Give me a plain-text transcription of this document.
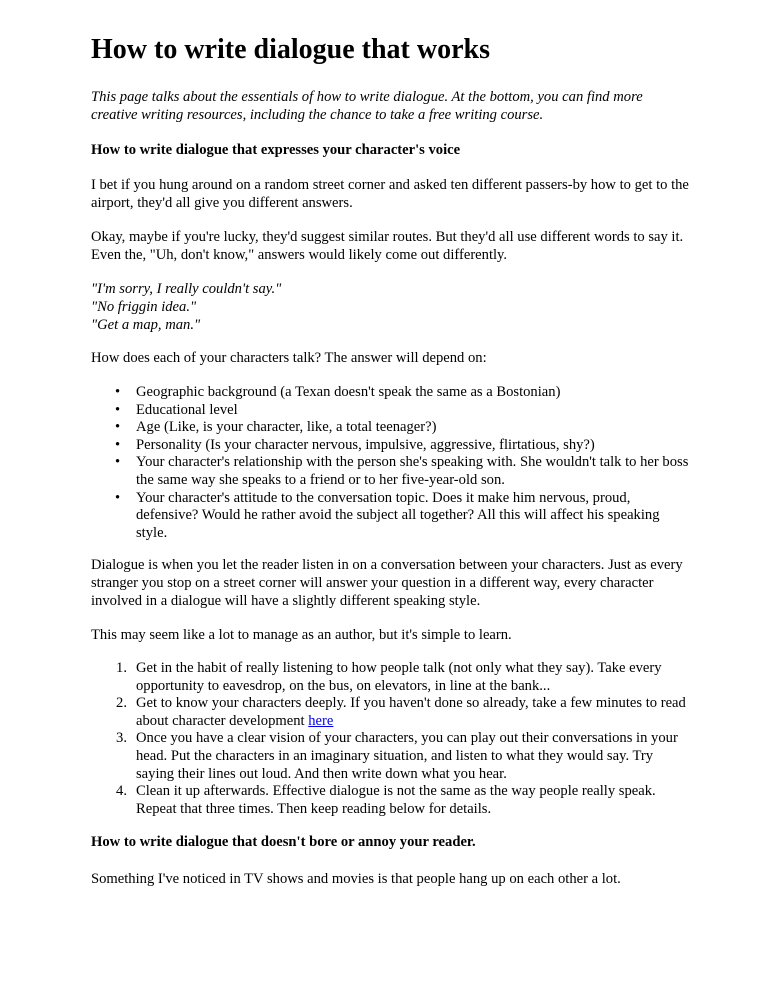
How to write dialogue that works

This page talks about the essentials of how to write dialogue. At the bottom, you can find more creative writing resources, including the chance to take a free writing course.

How to write dialogue that expresses your character's voice

I bet if you hung around on a random street corner and asked ten different passers-by how to get to the airport, they'd all give you different answers.

Okay, maybe if you're lucky, they'd suggest similar routes. But they'd all use different words to say it. Even the, "Uh, don't know," answers would likely come out differently.

"I'm sorry, I really couldn't say."
"No friggin idea."
"Get a map, man."

How does each of your characters talk? The answer will depend on:

•	Geographic background (a Texan doesn't speak the same as a Bostonian)
•	Educational level
•	Age (Like, is your character, like, a total teenager?)
•	Personality (Is your character nervous, impulsive, aggressive, flirtatious, shy?)
•	Your character's relationship with the person she's speaking with. She wouldn't talk to her boss the same way she speaks to a friend or to her five-year-old son.
•	Your character's attitude to the conversation topic. Does it make him nervous, proud, defensive? Would he rather avoid the subject all together? All this will affect his speaking style.

Dialogue is when you let the reader listen in on a conversation between your characters. Just as every stranger you stop on a street corner will answer your question in a different way, every character involved in a dialogue will have a slightly different speaking style.

This may seem like a lot to manage as an author, but it's simple to learn.

1. Get in the habit of really listening to how people talk (not only what they say). Take every opportunity to eavesdrop, on the bus, on elevators, in line at the bank...
2. Get to know your characters deeply. If you haven't done so already, take a few minutes to read about character development here
3. Once you have a clear vision of your characters, you can play out their conversations in your head. Put the characters in an imaginary situation, and listen to what they would say. Try saying their lines out loud. And then write down what you hear.
4. Clean it up afterwards. Effective dialogue is not the same as the way people really speak. Repeat that three times. Then keep reading below for details.

How to write dialogue that doesn't bore or annoy your reader.

Something I've noticed in TV shows and movies is that people hang up on each other a lot.
